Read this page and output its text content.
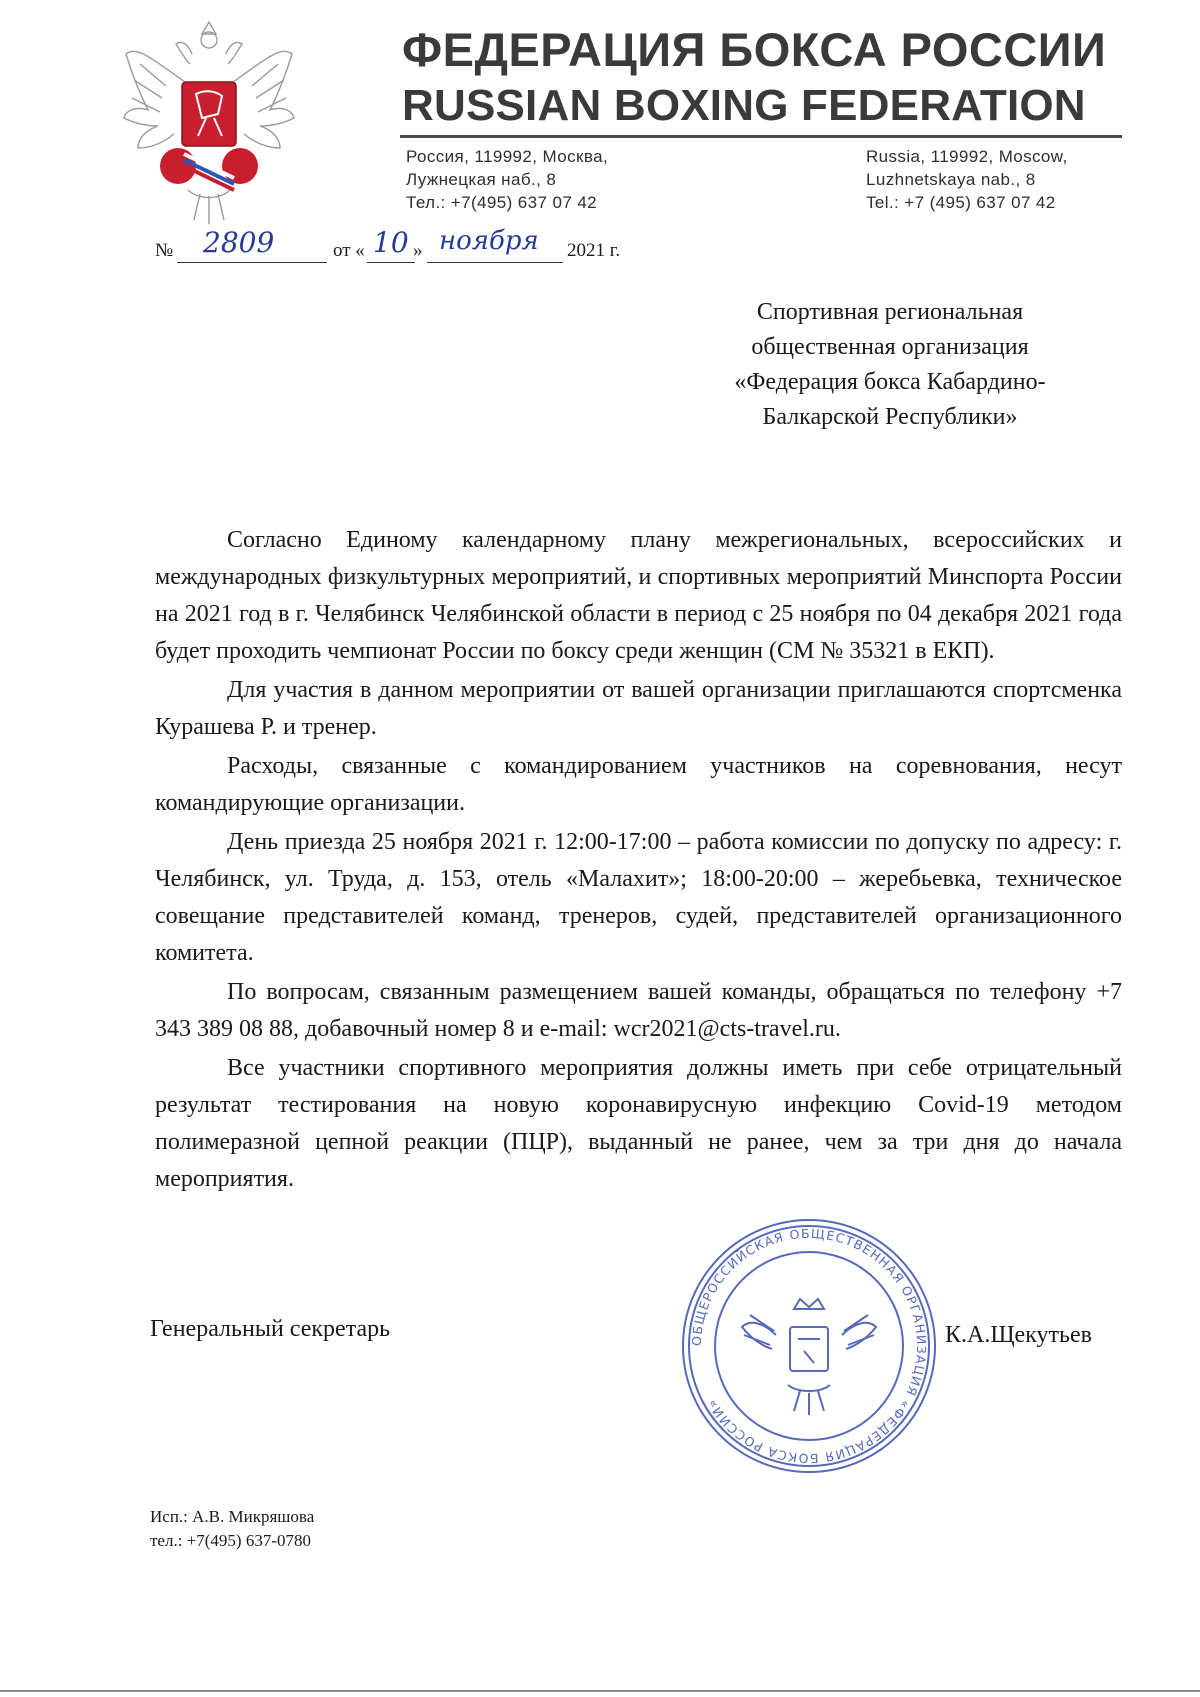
ФЕДЕРАЦИЯ БОКСА РОССИИ
RUSSIAN BOXING FEDERATION
Россия, 119992, Москва,
Лужнецкая наб., 8
Тел.: +7(495) 637 07 42
Russia, 119992, Moscow,
Luzhnetskaya nab., 8
Tel.: +7 (495) 637 07 42
№ 2809	от « 10 » ноября 2021 г.
Спортивная региональная
общественная организация
«Федерация бокса Кабардино-
Балкарской Республики»

Согласно Единому календарному плану межрегиональных, всероссийских и международных физкультурных мероприятий, и спортивных мероприятий Минспорта России на 2021 год в г. Челябинск Челябинской области в период с 25 ноября по 04 декабря 2021 года будет проходить чемпионат России по боксу среди женщин (СМ № 35321 в ЕКП).

Для участия в данном мероприятии от вашей организации приглашаются спортсменка Курашева Р. и тренер.

Расходы, связанные с командированием участников на соревнования, несут командирующие организации.

День приезда 25 ноября 2021 г. 12:00-17:00 – работа комиссии по допуску по адресу: г. Челябинск, ул. Труда, д. 153, отель «Малахит»; 18:00-20:00 – жеребьевка, техническое совещание представителей команд, тренеров, судей, представителей организационного комитета.

По вопросам, связанным размещением вашей команды, обращаться по телефону +7 343 389 08 88, добавочный номер 8 и e-mail: wcr2021@cts-travel.ru.

Все участники спортивного мероприятия должны иметь при себе отрицательный результат тестирования на новую коронавирусную инфекцию Covid-19 методом полимеразной цепной реакции (ПЦР), выданный не ранее, чем за три дня до начала мероприятия.

Генеральный секретарь	ОБЩЕРОССИЙСКАЯ ОБЩЕСТВЕННАЯ ОРГАНИЗАЦИЯ «ФЕДЕРАЦИЯ БОКСА РОССИИ»
К.А.Щекутьев
Исп.: А.В. Микряшова
тел.: +7(495) 637-0780
